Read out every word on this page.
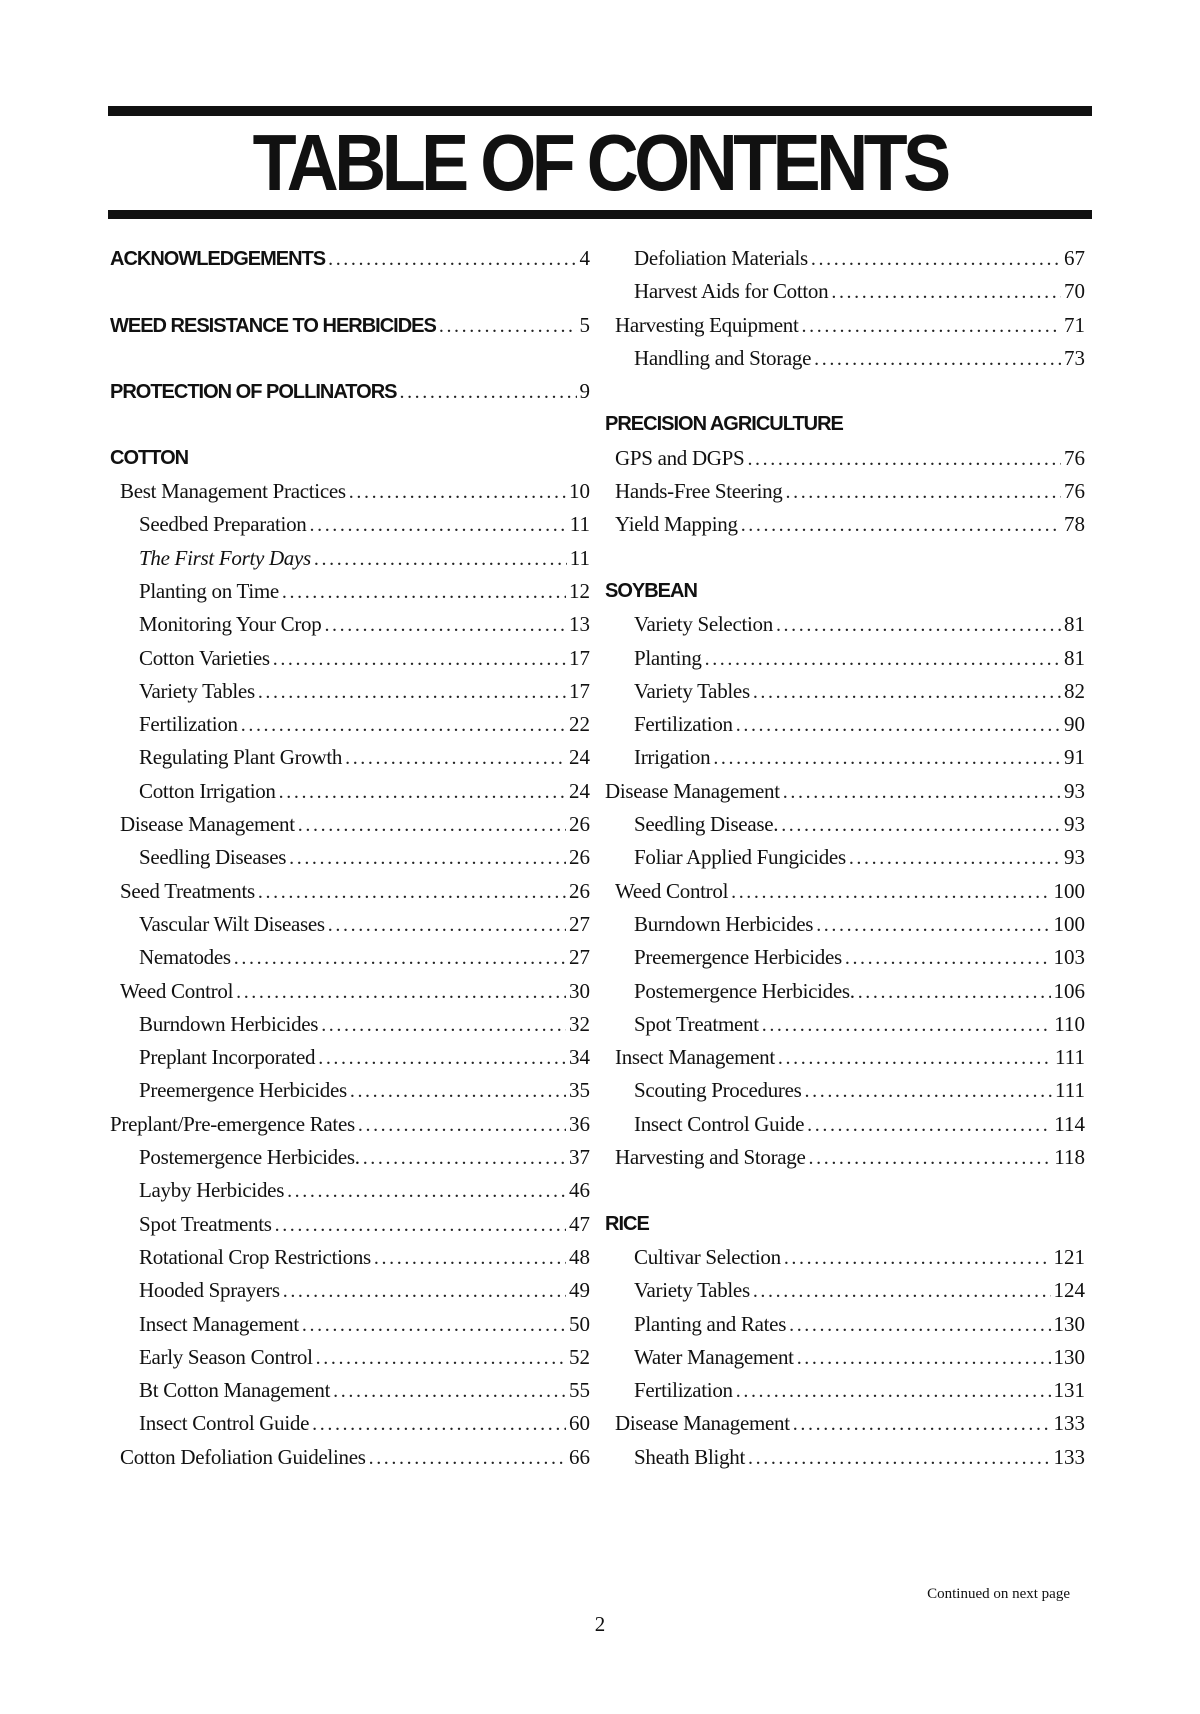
TABLE OF CONTENTS
ACKNOWLEDGEMENTS .....	4
WEED RESISTANCE TO HERBICIDES .....	5
PROTECTION OF POLLINATORS .....	9
COTTON
Best Management Practices .....	10
Seedbed Preparation .....	11
The First Forty Days .....	11
Planting on Time .....	12
Monitoring Your Crop .....	13
Cotton Varieties .....	17
Variety Tables .....	17
Fertilization .....	22
Regulating Plant Growth .....	24
Cotton Irrigation .....	24
Disease Management .....	26
Seedling Diseases .....	26
Seed Treatments .....	26
Vascular Wilt Diseases .....	27
Nematodes .....	27
Weed Control .....	30
Burndown Herbicides .....	32
Preplant Incorporated .....	34
Preemergence Herbicides .....	35
Preplant/Pre-emergence Rates .....	36
Postemergence Herbicides. .....	37
Layby Herbicides .....	46
Spot Treatments .....	47
Rotational Crop Restrictions .....	48
Hooded Sprayers .....	49
Insect Management .....	50
Early Season Control .....	52
Bt Cotton Management .....	55
Insect Control Guide .....	60
Cotton Defoliation Guidelines .....	66
Defoliation Materials .....	67
Harvest Aids for Cotton .....	70
Harvesting Equipment .....	71
Handling and Storage .....	73
PRECISION AGRICULTURE
GPS and DGPS .....	76
Hands-Free Steering .....	76
Yield Mapping .....	78
SOYBEAN
Variety Selection .....	81
Planting .....	81
Variety Tables .....	82
Fertilization .....	90
Irrigation .....	91
Disease Management .....	93
Seedling Disease. .....	93
Foliar Applied Fungicides .....	93
Weed Control .....	100
Burndown Herbicides .....	100
Preemergence Herbicides .....	103
Postemergence Herbicides. .....	106
Spot Treatment .....	110
Insect Management .....	111
Scouting Procedures .....	111
Insect Control Guide .....	114
Harvesting and Storage .....	118
RICE
Cultivar Selection .....	121
Variety Tables .....	124
Planting and Rates .....	130
Water Management .....	130
Fertilization .....	131
Disease Management .....	133
Sheath Blight .....	133
Continued on next page
2
